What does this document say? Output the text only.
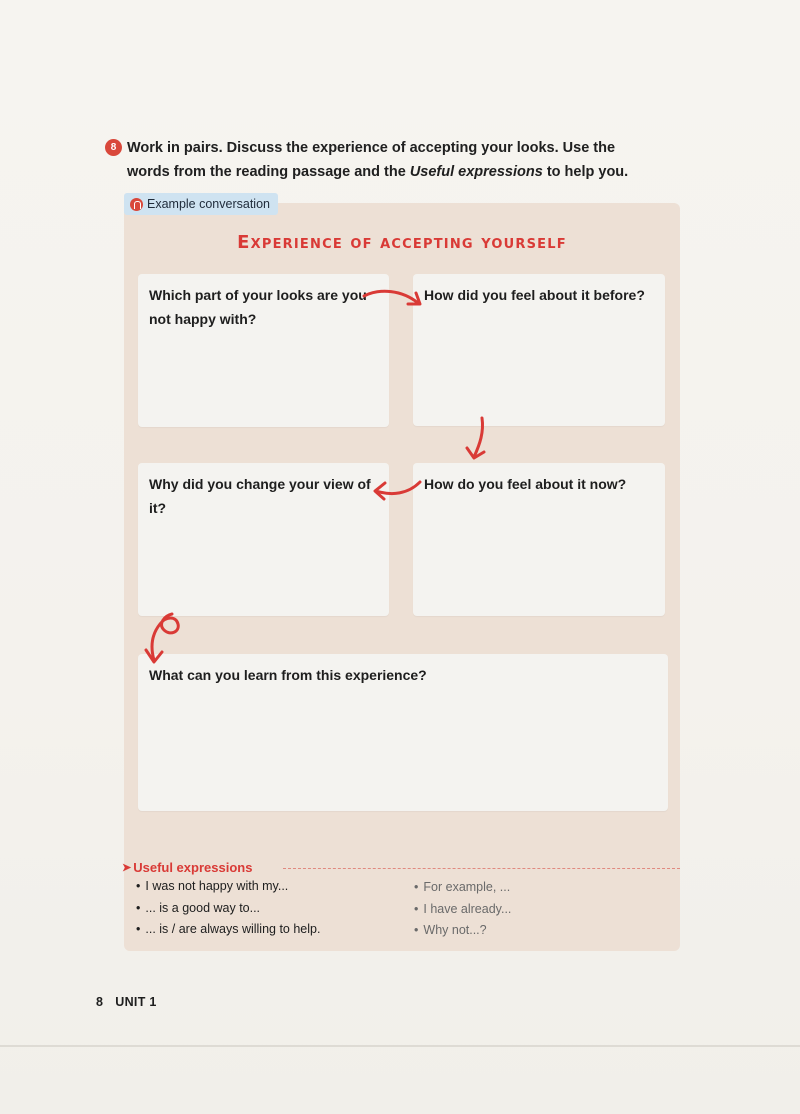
8 Work in pairs. Discuss the experience of accepting your looks. Use the
words from the reading passage and the Useful expressions to help you.
Example conversation
Experience of accepting yourself
Which part of your looks are you not happy with?
How did you feel about it before?
Why did you change your view of it?
How do you feel about it now?
What can you learn from this experience?
➤ Useful expressions
• I was not happy with my...
• ... is a good way to...
• ... is / are always willing to help.
• For example, ...
• I have already...
• Why not...?
8 UNIT 1
